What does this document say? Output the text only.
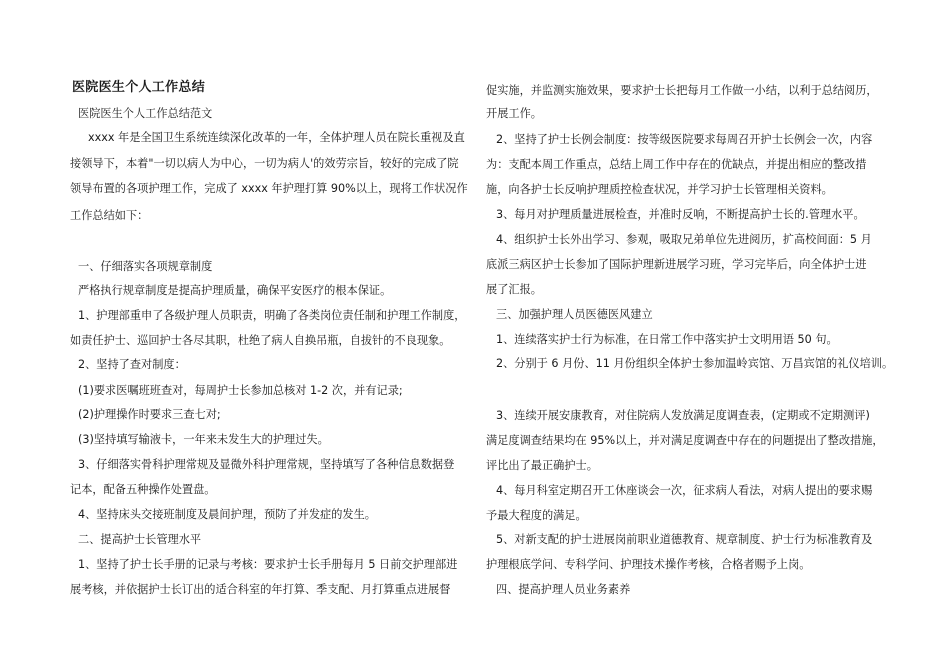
医院医生个人工作总结
医院医生个人工作总结范文
xxxx 年是全国卫生系统连续深化改革的一年，全体护理人员在院长重视及直
接领导下，本着"一切以病人为中心，一切为病人'的效劳宗旨，较好的完成了院
领导布置的各项护理工作，完成了 xxxx 年护理打算 90%以上，现将工作状况作
工作总结如下：
一、仔细落实各项规章制度
严格执行规章制度是提高护理质量，确保平安医疗的根本保证。
1、护理部重申了各级护理人员职责，明确了各类岗位责任制和护理工作制度，
如责任护士、巡回护士各尽其职，杜绝了病人自换吊瓶，自拔针的不良现象。
2、坚持了查对制度：
(1)要求医嘱班班查对，每周护士长参加总核对 1-2 次，并有记录;
(2)护理操作时要求三查七对;
(3)坚持填写输液卡，一年来未发生大的护理过失。
3、仔细落实骨科护理常规及显微外科护理常规，坚持填写了各种信息数据登
记本，配备五种操作处置盘。
4、坚持床头交接班制度及晨间护理，预防了并发症的发生。
二、提高护士长管理水平
1、坚持了护士长手册的记录与考核：要求护士长手册每月 5 日前交护理部进
展考核，并依据护士长订出的适合科室的年打算、季支配、月打算重点进展督
促实施，并监测实施效果，要求护士长把每月工作做一小结，以利于总结阅历，
开展工作。
2、坚持了护士长例会制度：按等级医院要求每周召开护士长例会一次，内容
为：支配本周工作重点，总结上周工作中存在的优缺点，并提出相应的整改措
施，向各护士长反响护理质控检查状况，并学习护士长管理相关资料。
3、每月对护理质量进展检查，并准时反响，不断提高护士长的.管理水平。
4、组织护士长外出学习、参观，吸取兄弟单位先进阅历，扩高校间面：5 月
底派三病区护士长参加了国际护理新进展学习班，学习完毕后，向全体护士进
展了汇报。
三、加强护理人员医德医风建立
1、连续落实护士行为标准，在日常工作中落实护士文明用语 50 句。
2、分别于 6 月份、11 月份组织全体护士参加温岭宾馆、万昌宾馆的礼仪培训。
3、连续开展安康教育，对住院病人发放满足度调查表，(定期或不定期测评)
满足度调查结果均在 95%以上，并对满足度调查中存在的问题提出了整改措施，
评比出了最正确护士。
4、每月科室定期召开工休座谈会一次，征求病人看法，对病人提出的要求赐
予最大程度的满足。
5、对新支配的护士进展岗前职业道德教育、规章制度、护士行为标准教育及
护理根底学问、专科学问、护理技术操作考核，合格者赐予上岗。
四、提高护理人员业务素养
